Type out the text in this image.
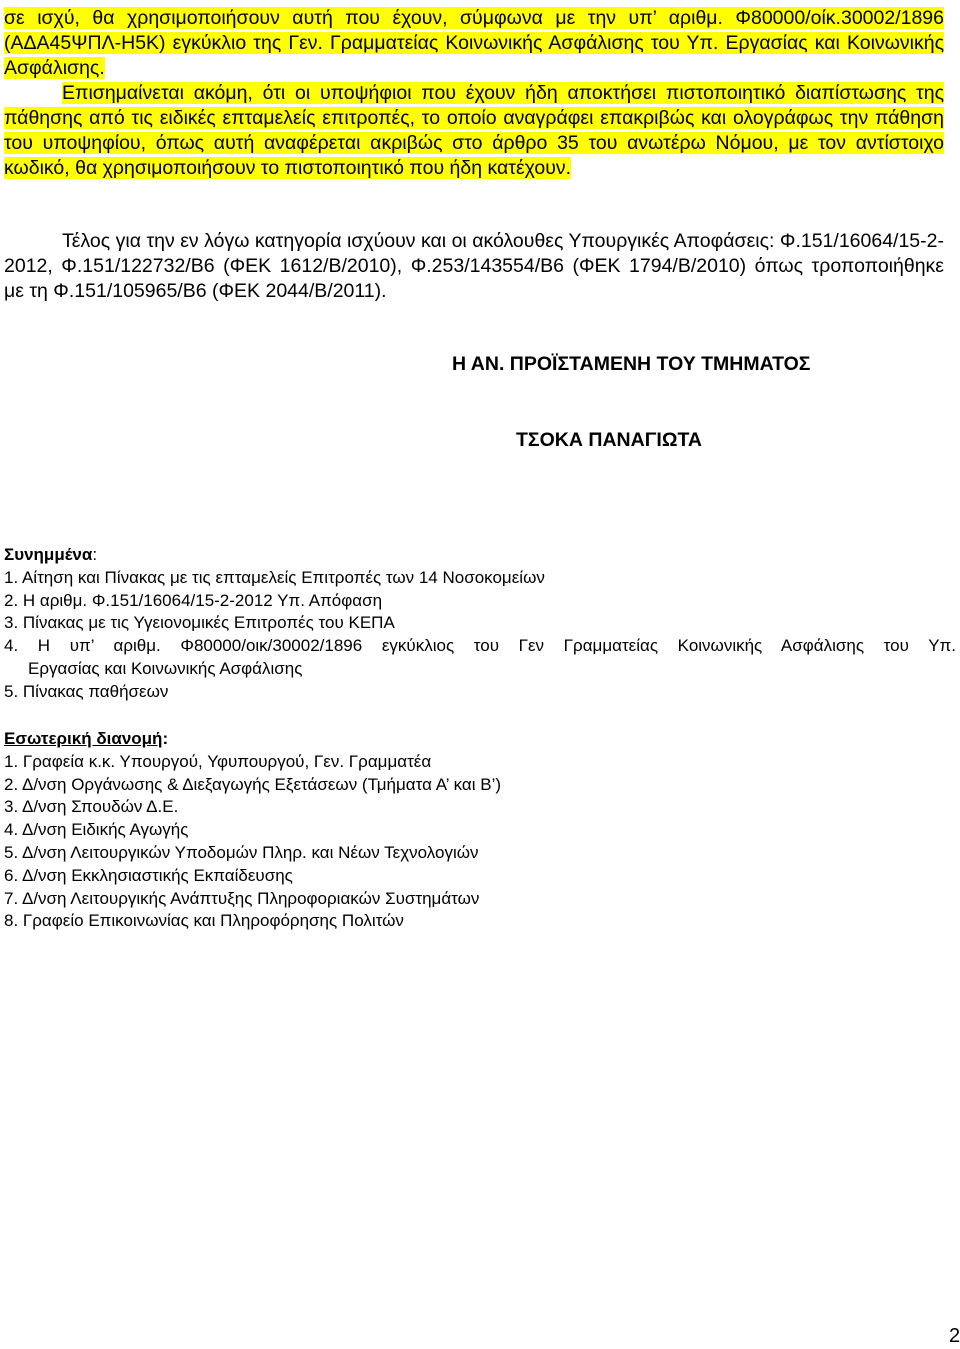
σε ισχύ, θα χρησιμοποιήσουν αυτή που έχουν, σύμφωνα με την υπ’ αριθμ. Φ80000/οίκ.30002/1896 (ΑΔΑ45ΨΠΛ-Η5Κ) εγκύκλιο της Γεν. Γραμματείας Κοινωνικής Ασφάλισης του Υπ. Εργασίας και Κοινωνικής Ασφάλισης.
Επισημαίνεται ακόμη, ότι οι υποψήφιοι που έχουν ήδη αποκτήσει πιστοποιητικό διαπίστωσης της πάθησης από τις ειδικές επταμελείς επιτροπές, το οποίο αναγράφει επακριβώς και ολογράφως την πάθηση του υποψηφίου, όπως αυτή αναφέρεται ακριβώς στο άρθρο 35 του ανωτέρω Νόμου, με τον αντίστοιχο κωδικό, θα χρησιμοποιήσουν το πιστοποιητικό που ήδη κατέχουν.

Τέλος για την εν λόγω κατηγορία ισχύουν και οι ακόλουθες Υπουργικές Αποφάσεις: Φ.151/16064/15-2-2012, Φ.151/122732/Β6 (ΦΕΚ 1612/Β/2010), Φ.253/143554/Β6 (ΦΕΚ 1794/Β/2010) όπως τροποποιήθηκε με τη Φ.151/105965/Β6 (ΦΕΚ 2044/Β/2011).

Η ΑΝ. ΠΡΟΪΣΤΑΜΕΝΗ ΤΟΥ ΤΜΗΜΑΤΟΣ
ΤΣΟΚΑ ΠΑΝΑΓΙΩΤΑ
Συνημμένα:
1. Αίτηση και Πίνακας με τις επταμελείς Επιτροπές των 14 Νοσοκομείων
2. Η αριθμ. Φ.151/16064/15-2-2012 Υπ. Απόφαση
3. Πίνακας με τις Υγειονομικές Επιτροπές του ΚΕΠΑ
4. Η υπ’ αριθμ. Φ80000/οικ/30002/1896 εγκύκλιος του Γεν Γραμματείας Κοινωνικής Ασφάλισης του Υπ.
Εργασίας και Κοινωνικής Ασφάλισης
5. Πίνακας παθήσεων
Εσωτερική διανομή:
1. Γραφεία κ.κ. Υπουργού, Υφυπουργού, Γεν. Γραμματέα
2. Δ/νση Οργάνωσης & Διεξαγωγής Εξετάσεων (Τμήματα Α’ και Β’)
3. Δ/νση Σπουδών Δ.Ε.
4. Δ/νση Ειδικής Αγωγής
5. Δ/νση Λειτουργικών Υποδομών Πληρ. και Νέων Τεχνολογιών
6. Δ/νση Εκκλησιαστικής Εκπαίδευσης
7. Δ/νση Λειτουργικής Ανάπτυξης Πληροφοριακών Συστημάτων
8. Γραφείο Επικοινωνίας και Πληροφόρησης Πολιτών
2
